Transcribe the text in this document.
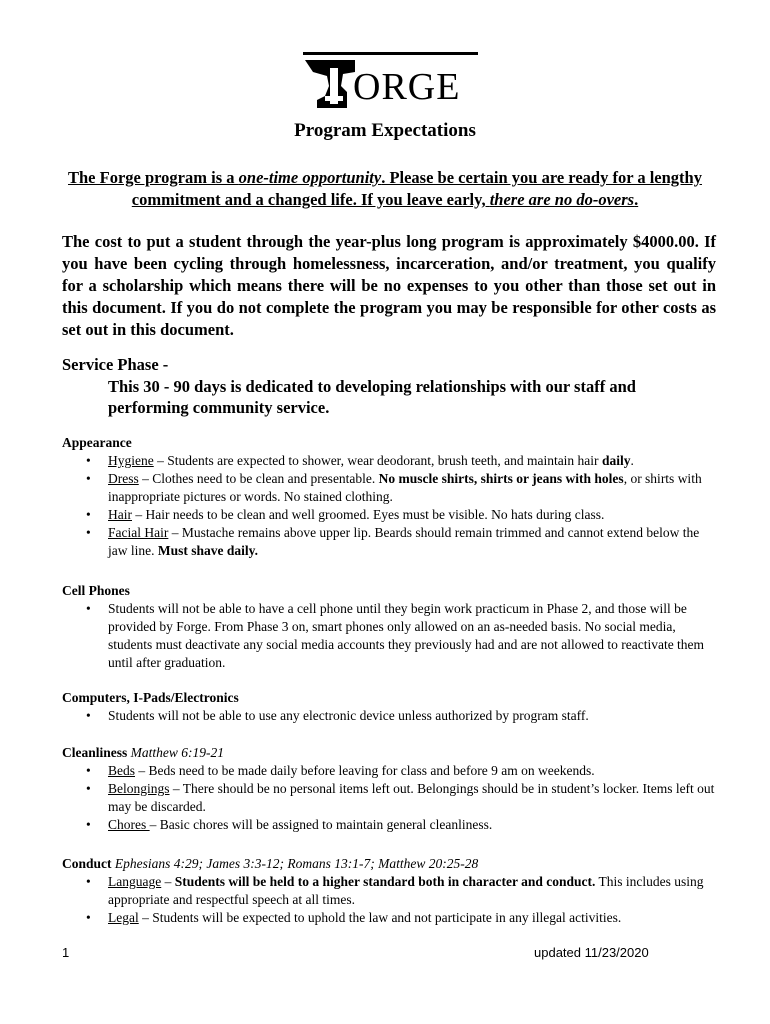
ORGE
Program Expectations
The Forge program is a one-time opportunity. Please be certain you are ready for a lengthy commitment and a changed life. If you leave early, there are no do-overs.
The cost to put a student through the year-plus long program is approximately $4000.00. If you have been cycling through homelessness, incarceration, and/or treatment, you qualify for a scholarship which means there will be no expenses to you other than those set out in this document. If you do not complete the program you may be responsible for other costs as set out in this document.
Service Phase -
This 30 - 90 days is dedicated to developing relationships with our staff and performing community service.
Appearance
• Hygiene – Students are expected to shower, wear deodorant, brush teeth, and maintain hair daily.
• Dress – Clothes need to be clean and presentable. No muscle shirts, shirts or jeans with holes, or shirts with inappropriate pictures or words. No stained clothing.
• Hair – Hair needs to be clean and well groomed. Eyes must be visible. No hats during class.
• Facial Hair – Mustache remains above upper lip. Beards should remain trimmed and cannot extend below the jaw line. Must shave daily.
Cell Phones
• Students will not be able to have a cell phone until they begin work practicum in Phase 2, and those will be provided by Forge. From Phase 3 on, smart phones only allowed on an as-needed basis. No social media, students must deactivate any social media accounts they previously had and are not allowed to reactivate them until after graduation.
Computers, I-Pads/Electronics
• Students will not be able to use any electronic device unless authorized by program staff.
Cleanliness Matthew 6:19-21
• Beds – Beds need to be made daily before leaving for class and before 9 am on weekends.
• Belongings – There should be no personal items left out. Belongings should be in student’s locker. Items left out may be discarded.
• Chores – Basic chores will be assigned to maintain general cleanliness.
Conduct Ephesians 4:29; James 3:3-12; Romans 13:1-7; Matthew 20:25-28
• Language – Students will be held to a higher standard both in character and conduct. This includes using appropriate and respectful speech at all times.
• Legal – Students will be expected to uphold the law and not participate in any illegal activities.
1	updated 11/23/2020
